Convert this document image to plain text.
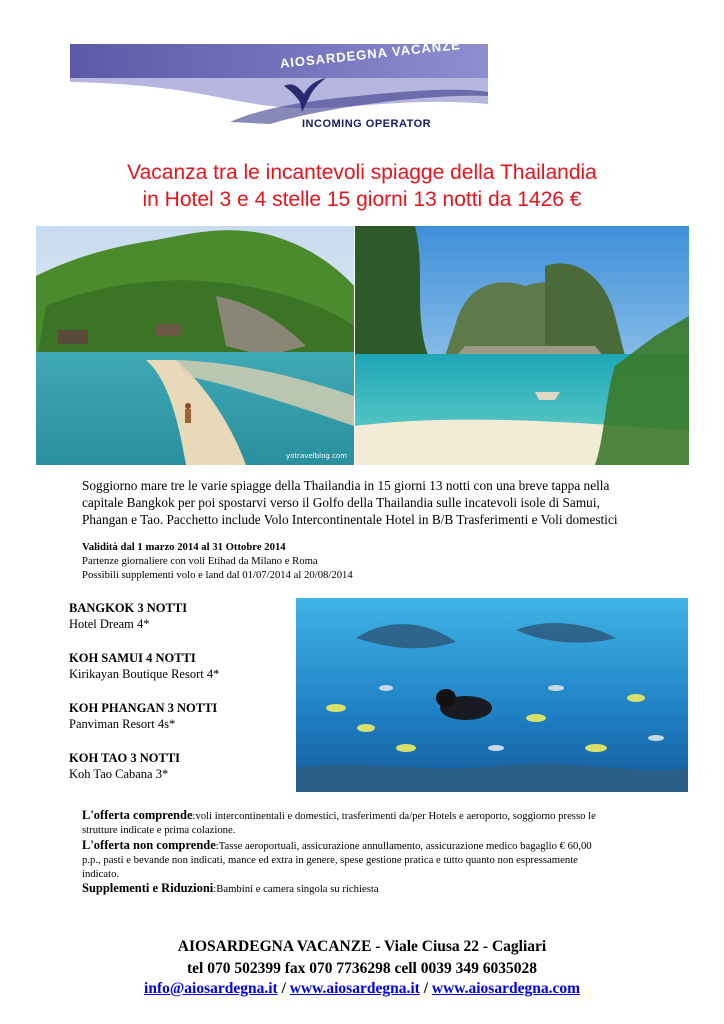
AIOSARDEGNA VACANZE
INCOMING OPERATOR
Vacanza tra le incantevoli spiagge della Thailandia
in Hotel 3 e 4 stelle 15 giorni 13 notti da 1426 €
yotravelblog.com
Soggiorno mare tre le varie spiagge della Thailandia in 15 giorni 13 notti con una breve tappa nella
capitale Bangkok per poi spostarvi verso il Golfo della Thailandia sulle incatevoli isole di Samui,
Phangan e Tao. Pacchetto include Volo Intercontinentale Hotel in B/B Trasferimenti e Voli domestici
Validità dal 1 marzo 2014 al 31 Ottobre 2014
Partenze giornaliere con voli Etihad da Milano e Roma
Possibili supplementi volo e land dal 01/07/2014 al 20/08/2014
BANGKOK 3 NOTTI
Hotel Dream 4*
KOH SAMUI 4 NOTTI
Kirikayan Boutique Resort 4*
KOH PHANGAN 3 NOTTI
Panviman Resort 4s*
KOH TAO 3 NOTTI
Koh Tao Cabana 3*
L'offerta comprende:voli intercontinentali e domestici, trasferimenti da/per Hotels e aeroporto, soggiorno presso le
strutture indicate e prima colazione.
L'offerta non comprende:Tasse aeroportuali, assicurazione annullamento, assicurazione medico bagaglio € 60,00
p.p., pasti e bevande non indicati, mance ed extra in genere, spese gestione pratica e tutto quanto non espressamente
indicato.
Supplementi e Riduzioni:Bambini e camera singola su richiesta
AIOSARDEGNA VACANZE - Viale Ciusa 22 - Cagliari
tel 070 502399 fax 070 7736298 cell 0039 349 6035028
info@aiosardegna.it / www.aiosardegna.it / www.aiosardegna.com
